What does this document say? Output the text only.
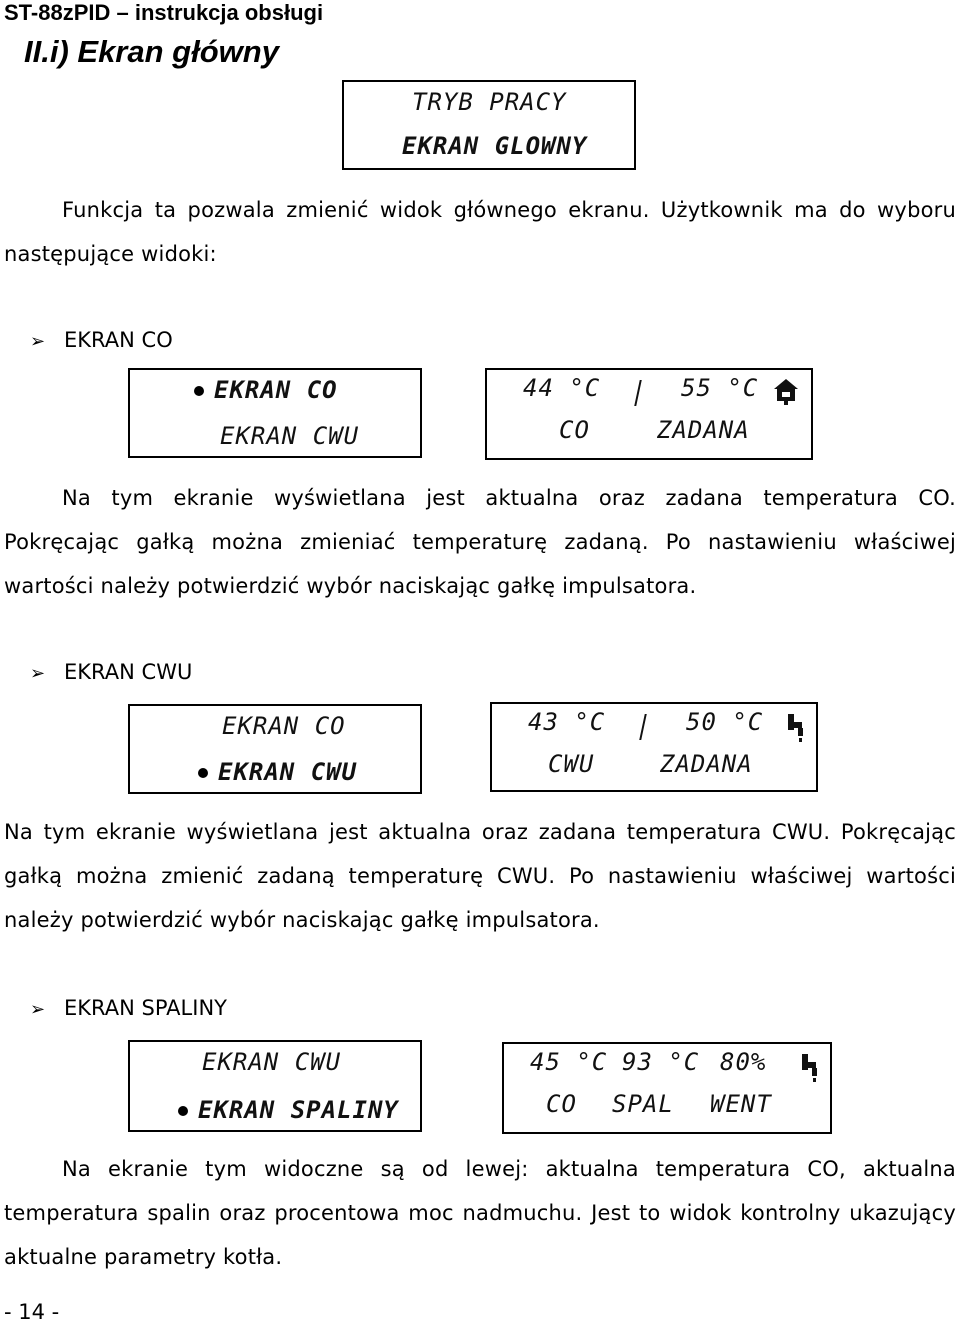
ST-88zPID – instrukcja obsługi
II.i) Ekran główny
TRYB PRACY
EKRAN GLOWNY
Funkcja ta pozwala zmienić widok głównego ekranu. Użytkownik ma do wyboru następujące widoki:
➢ EKRAN CO
EKRAN CO
EKRAN CWU
44 °C	55 °C
CO	ZADANA
Na tym ekranie wyświetlana jest aktualna oraz zadana temperatura CO. Pokręcając gałką można zmieniać temperaturę zadaną. Po nastawieniu właściwej wartości należy potwierdzić wybór naciskając gałkę impulsatora.
➢ EKRAN CWU
EKRAN CO
EKRAN CWU
43 °C	50 °C
CWU	ZADANA
Na tym ekranie wyświetlana jest aktualna oraz zadana temperatura CWU. Pokręcając gałką można zmienić zadaną temperaturę CWU. Po nastawieniu właściwej wartości należy potwierdzić wybór naciskając gałkę impulsatora.
➢ EKRAN SPALINY
EKRAN CWU
EKRAN SPALINY
45 °C 93 °C 80%
CO SPAL WENT
Na ekranie tym widoczne są od lewej: aktualna temperatura CO, aktualna temperatura spalin oraz procentowa moc nadmuchu. Jest to widok kontrolny ukazujący aktualne parametry kotła.
- 14 -
